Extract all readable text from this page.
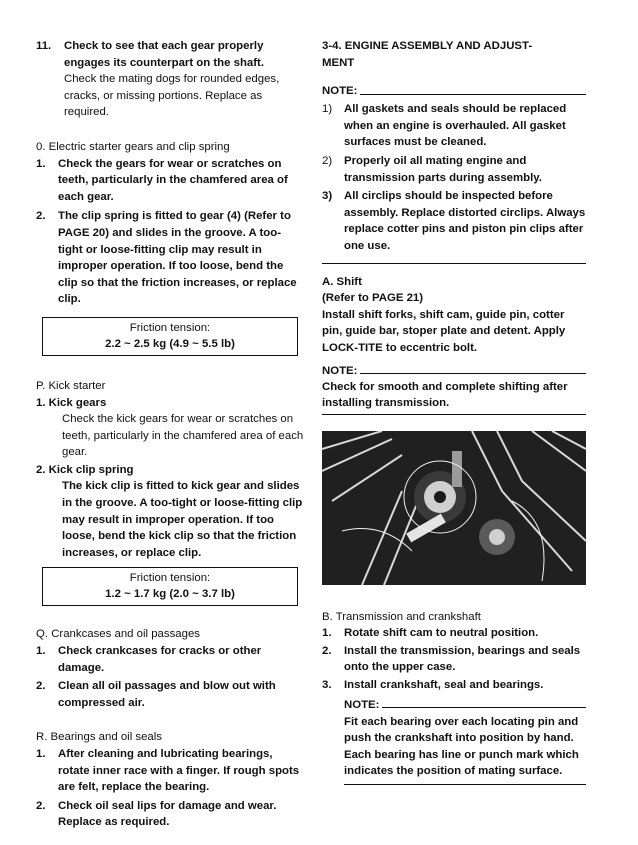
11.	Check to see that each gear properly engages its counterpart on the shaft.

Check the mating dogs for rounded edges, cracks, or missing portions. Replace as required.

0. Electric starter gears and clip spring

1.	Check the gears for wear or scratches on teeth, particularly in the chamfered area of each gear.
2.	The clip spring is fitted to gear (4) (Refer to PAGE 20) and slides in the groove. A too-tight or loose-fitting clip may result in improper operation. If too loose, bend the clip so that the friction increases, or replace clip.
Friction tension:
2.2 ~ 2.5 kg (4.9 ~ 5.5 lb)

P. Kick starter

1. Kick gears

Check the kick gears for wear or scratches on teeth, particularly in the chamfered area of each gear.

2. Kick clip spring

The kick clip is fitted to kick gear and slides in the groove. A too-tight or loose-fitting clip may result in improper operation. If too loose, bend the kick clip so that the friction increases, or replace clip.

Friction tension:
1.2 ~ 1.7 kg (2.0 ~ 3.7 lb)

Q. Crankcases and oil passages

1.	Check crankcases for cracks or other damage.
2.	Clean all oil passages and blow out with compressed air.

R. Bearings and oil seals

1.	After cleaning and lubricating bearings, rotate inner race with a finger. If rough spots are felt, replace the bearing.
2.	Check oil seal lips for damage and wear. Replace as required.

3-4. ENGINE ASSEMBLY AND ADJUST- MENT

NOTE:
1)	All gaskets and seals should be replaced when an engine is overhauled. All gasket surfaces must be cleaned.
2)	Properly oil all mating engine and transmission parts during assembly.
3)	All circlips should be inspected before assembly. Replace distorted circlips. Always replace cotter pins and piston pin clips after one use.

A. Shift

(Refer to PAGE 21)

Install shift forks, shift cam, guide pin, cotter pin, guide bar, stoper plate and detent. Apply LOCK-TITE to eccentric bolt.

NOTE:

Check for smooth and complete shifting after installing transmission.

B. Transmission and crankshaft

1.	Rotate shift cam to neutral position.
2.	Install the transmission, bearings and seals onto the upper case.
3.	Install crankshaft, seal and bearings.
NOTE:

Fit each bearing over each locating pin and push the crankshaft into position by hand. Each bearing has line or punch mark which indicates the position of mating surface.
